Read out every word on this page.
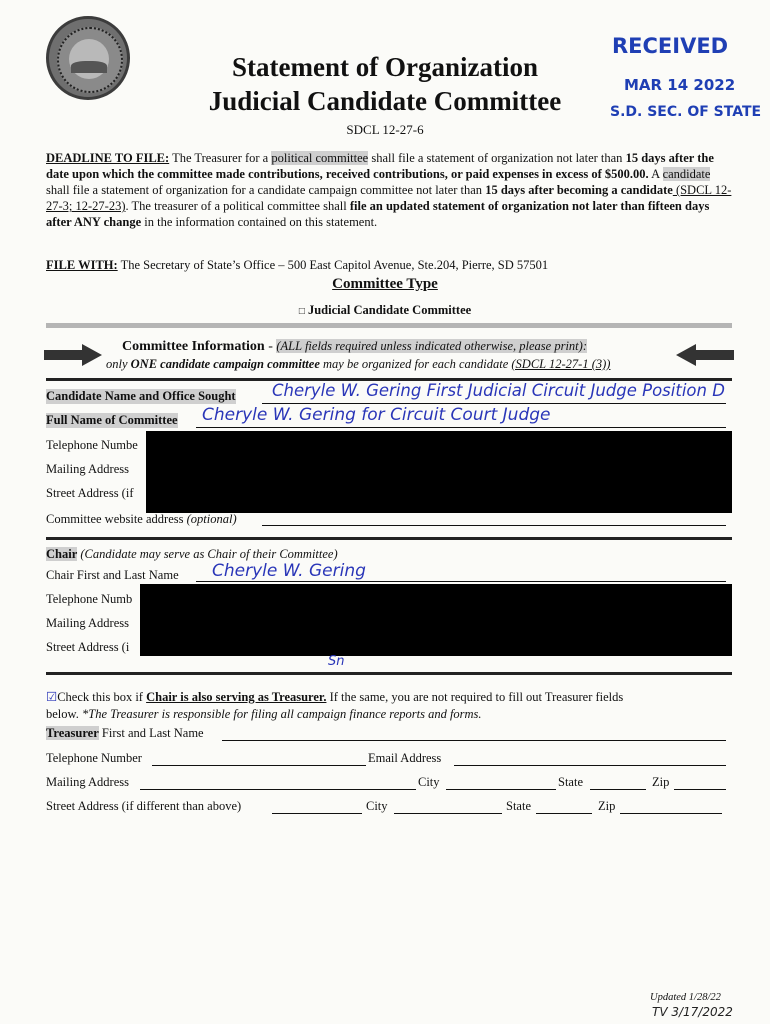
Statement of Organization
Judicial Candidate Committee
SDCL 12-27-6
RECEIVED
MAR 14 2022
S.D. SEC. OF STATE
DEADLINE TO FILE: The Treasurer for a political committee shall file a statement of organization not later than 15 days after the date upon which the committee made contributions, received contributions, or paid expenses in excess of $500.00. A candidate shall file a statement of organization for a candidate campaign committee not later than 15 days after becoming a candidate (SDCL 12-27-3; 12-27-23). The treasurer of a political committee shall file an updated statement of organization not later than fifteen days after ANY change in the information contained on this statement.
FILE WITH: The Secretary of State’s Office – 500 East Capitol Avenue, Ste.204, Pierre, SD 57501
Committee Type
□ Judicial Candidate Committee
Committee Information - (ALL fields required unless indicated otherwise, please print):
only ONE candidate campaign committee may be organized for each candidate (SDCL 12-27-1 (3))
Candidate Name and Office Sought Cheryle W. Gering First Judicial Circuit Judge Position D
Full Name of Committee Cheryle W. Gering for Circuit Court Judge
Telephone Numbe
Mailing Address
Street Address (if
Committee website address (optional)
Chair (Candidate may serve as Chair of their Committee)
Chair First and Last Name Cheryle W. Gering
Telephone Numb
Mailing Address
Street Address (i
Sn
☑Check this box if Chair is also serving as Treasurer. If the same, you are not required to fill out Treasurer fields
below. *The Treasurer is responsible for filing all campaign finance reports and forms.
Treasurer First and Last Name
Telephone Number	Email Address
Mailing Address	City	State	Zip
Street Address (if different than above)	City	State	Zip
Updated 1/28/22
TV 3/17/2022
